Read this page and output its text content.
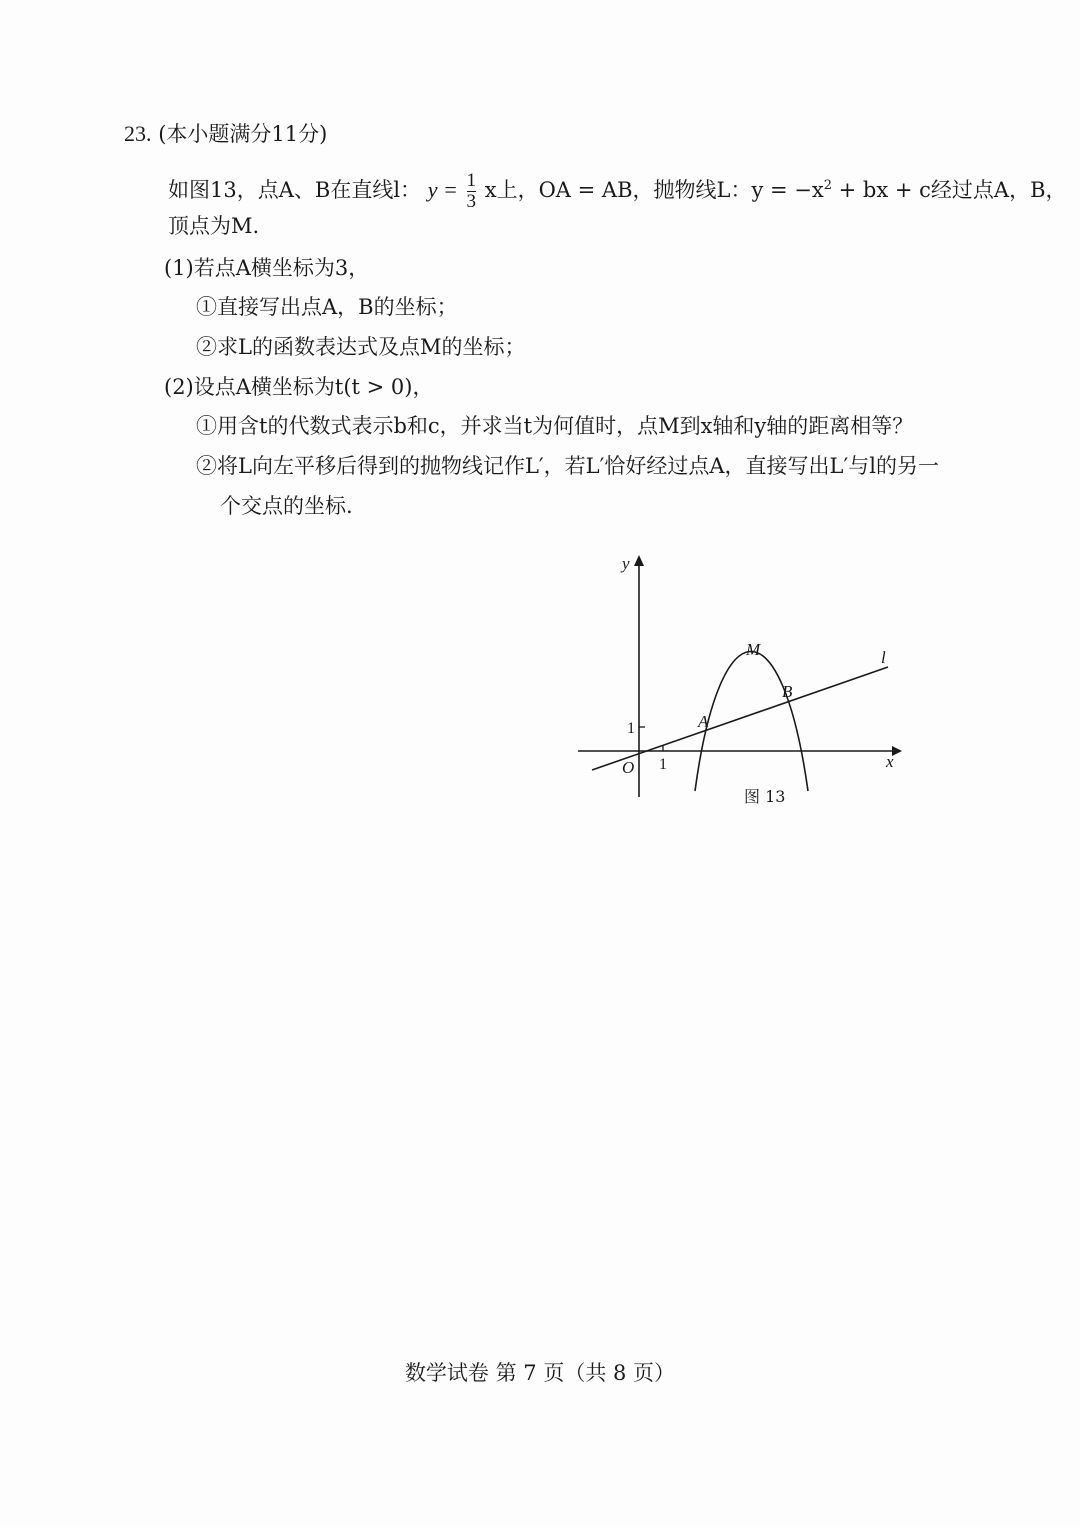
23. (本小题满分11分)
如图13，点A、B在直线l： $y = \frac{1}{3}$ x上，OA = AB，抛物线L：$y = -x^2$ + bx + c经过点A，B，
顶点为M.
(1)若点A横坐标为3，
①直接写出点A，B的坐标；
②求L的函数表达式及点M的坐标；
(2)设点A横坐标为t(t > 0)，
①用含t的代数式表示b和c，并求当t为何值时，点M到x轴和y轴的距离相等？
②将L向左平移后得到的抛物线记作L′，若L′恰好经过点A，直接写出L′与l的另一
个交点的坐标.
y
x
O
1
1
M
A
B
l
图 13
数学试卷 第 7 页（共 8 页）
